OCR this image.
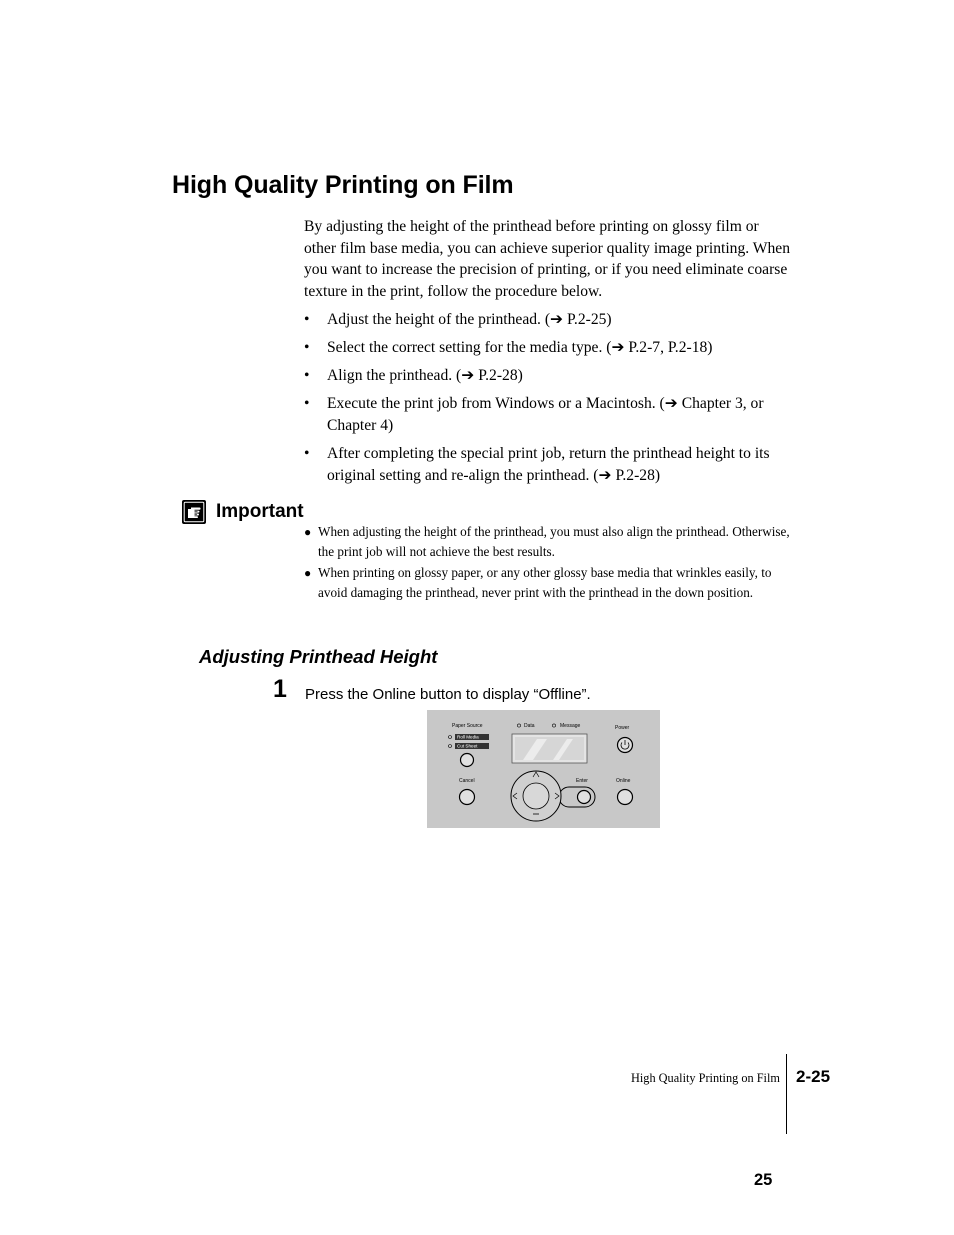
High Quality Printing on Film

By adjusting the height of the printhead before printing on glossy film or other film base media, you can achieve superior quality image printing. When you want to increase the precision of printing, or if you need eliminate coarse texture in the print, follow the procedure below.

• Adjust the height of the printhead. (➔ P.2-25)
• Select the correct setting for the media type. (➔ P.2-7, P.2-18)
• Align the printhead. (➔ P.2-28)
• Execute the print job from Windows or a Macintosh. (➔ Chapter 3, or Chapter 4)
• After completing the special print job, return the printhead height to its original setting and re-align the printhead. (➔ P.2-28)
Important
● When adjusting the height of the printhead, you must also align the printhead. Otherwise, the print job will not achieve the best results.
● When printing on glossy paper, or any other glossy base media that wrinkles easily, to avoid damaging the printhead, never print with the printhead in the down position.
Adjusting Printhead Height
1 Press the Online button to display “Offline”.
Paper Source	Data	Message	Power
Cancel	Enter	Online
Roll Media
Cut Sheet
High Quality Printing on Film 2-25
25
